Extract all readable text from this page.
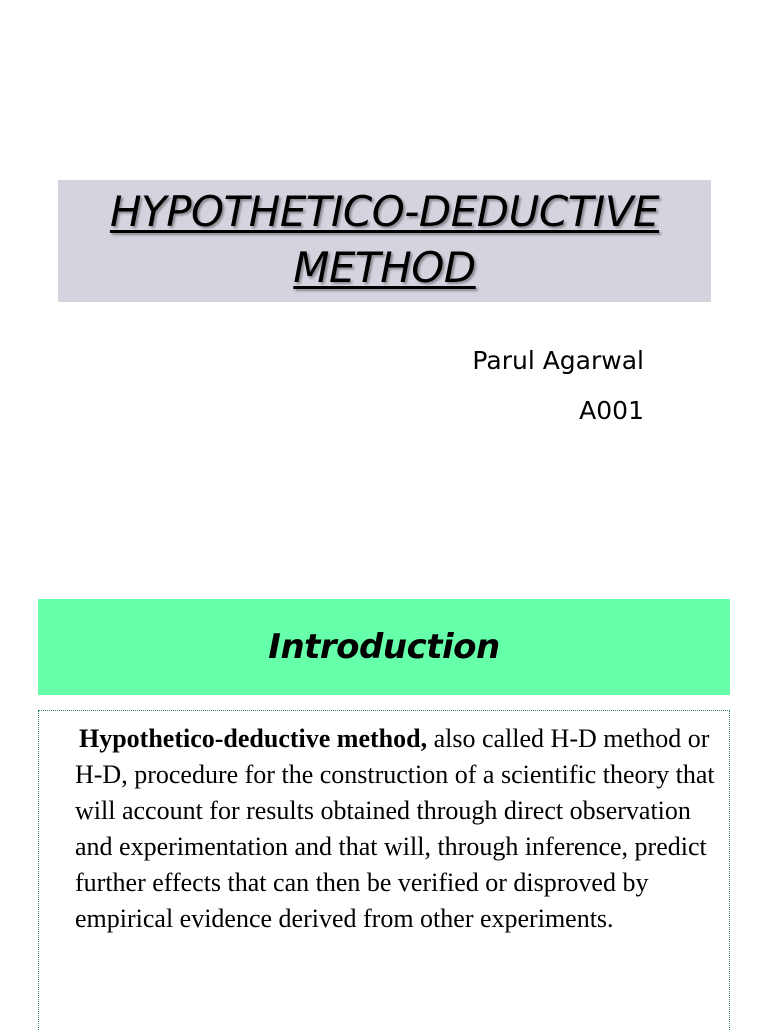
HYPOTHETICO-DEDUCTIVE
METHOD
Parul Agarwal
A001
Introduction

Hypothetico-deductive method, also called H-D method or H-D, procedure for the construction of a scientific theory that will account for results obtained through direct observation and experimentation and that will, through inference, predict further effects that can then be verified or disproved by empirical evidence derived from other experiments.
